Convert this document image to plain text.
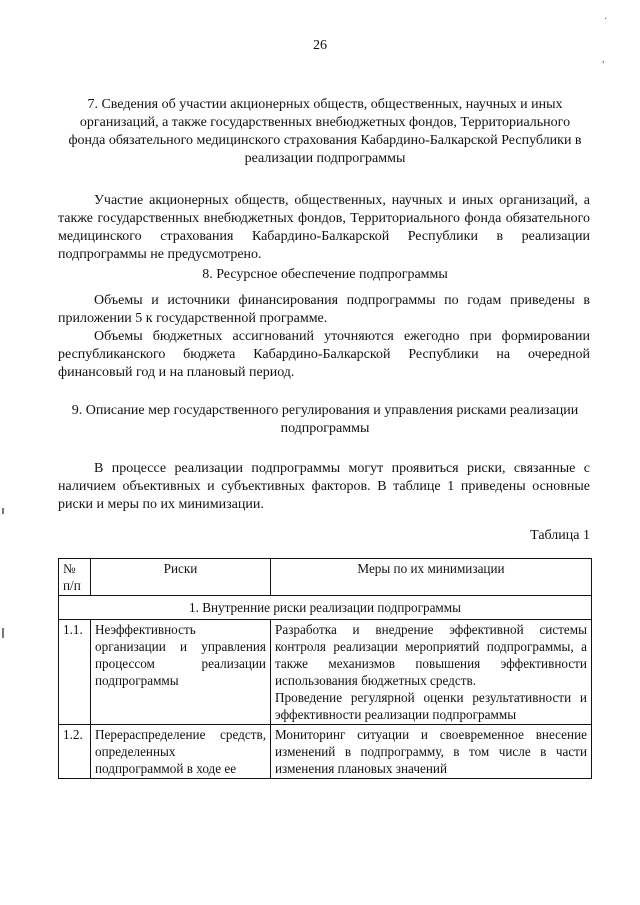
26
·
,
7. Сведения об участии акционерных обществ, общественных, научных и иных организаций, а также государственных внебюджетных фондов, Территориального фонда обязательного медицинского страхования Кабардино-Балкарской Республики в реализации подпрограммы
Участие акционерных обществ, общественных, научных и иных организаций, а также государственных внебюджетных фондов, Территориального фонда обязательного медицинского страхования Кабардино-Балкарской Республики в реализации подпрограммы не предусмотрено.
8. Ресурсное обеспечение подпрограммы
Объемы и источники финансирования подпрограммы по годам приведены в приложении 5 к государственной программе.
Объемы бюджетных ассигнований уточняются ежегодно при формировании республиканского бюджета Кабардино-Балкарской Республики на очередной финансовый год и на плановый период.
9. Описание мер государственного регулирования и управления рисками реализации подпрограммы
В процессе реализации подпрограммы могут проявиться риски, связанные с наличием объективных и субъективных факторов. В таблице 1 приведены основные риски и меры по их минимизации.
Таблица 1
№ п/п	Риски	Меры по их минимизации
1. Внутренние риски реализации подпрограммы		
1.1.	Неэффективность организации и управления процессом реализации подпрограммы	Разработка и внедрение эффективной системы контроля реализации мероприятий подпрограммы, а также механизмов повышения эффективности использования бюджетных средств.
Проведение регулярной оценки результативности и эффективности реализации подпрограммы

1.2.	Перераспределение средств, определенных подпрограммой в ходе ее	Мониторинг ситуации и своевременное внесение изменений в подпрограмму, в том числе в части изменения плановых значений
